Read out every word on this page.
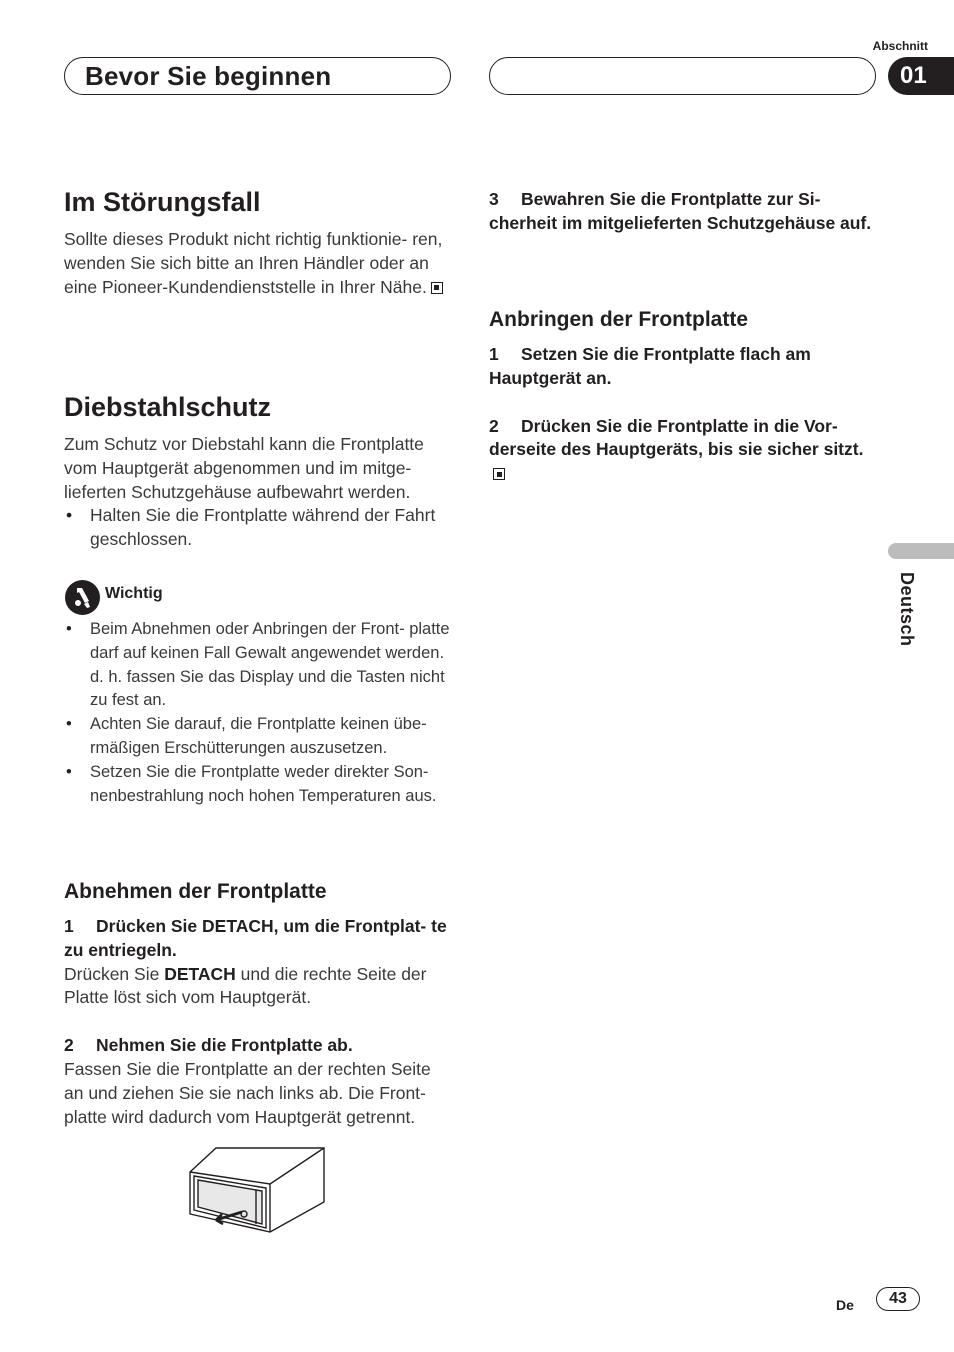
Bevor Sie beginnen
Abschnitt
01
Deutsch
Im Störungsfall

Sollte dieses Produkt nicht richtig funktionie- ren, wenden Sie sich bitte an Ihren Händler oder an eine Pioneer-Kundendienststelle in Ihrer Nähe.

Diebstahlschutz

Zum Schutz vor Diebstahl kann die Frontplatte vom Hauptgerät abgenommen und im mitge- lieferten Schutzgehäuse aufbewahrt werden.

• Halten Sie die Frontplatte während der Fahrt geschlossen.
Wichtig
• Beim Abnehmen oder Anbringen der Front- platte darf auf keinen Fall Gewalt angewendet werden. d. h. fassen Sie das Display und die Tasten nicht zu fest an.
• Achten Sie darauf, die Frontplatte keinen übe- rmäßigen Erschütterungen auszusetzen.
• Setzen Sie die Frontplatte weder direkter Son- nenbestrahlung noch hohen Temperaturen aus.
Abnehmen der Frontplatte

1 Drücken Sie DETACH, um die Frontplat- te zu entriegeln.

Drücken Sie DETACH und die rechte Seite der Platte löst sich vom Hauptgerät.

2 Nehmen Sie die Frontplatte ab.

Fassen Sie die Frontplatte an der rechten Seite an und ziehen Sie sie nach links ab. Die Front- platte wird dadurch vom Hauptgerät getrennt.

3 Bewahren Sie die Frontplatte zur Si- cherheit im mitgelieferten Schutzgehäuse auf.

Anbringen der Frontplatte

1 Setzen Sie die Frontplatte flach am Hauptgerät an.

2 Drücken Sie die Frontplatte in die Vor- derseite des Hauptgeräts, bis sie sicher sitzt.

De	43
